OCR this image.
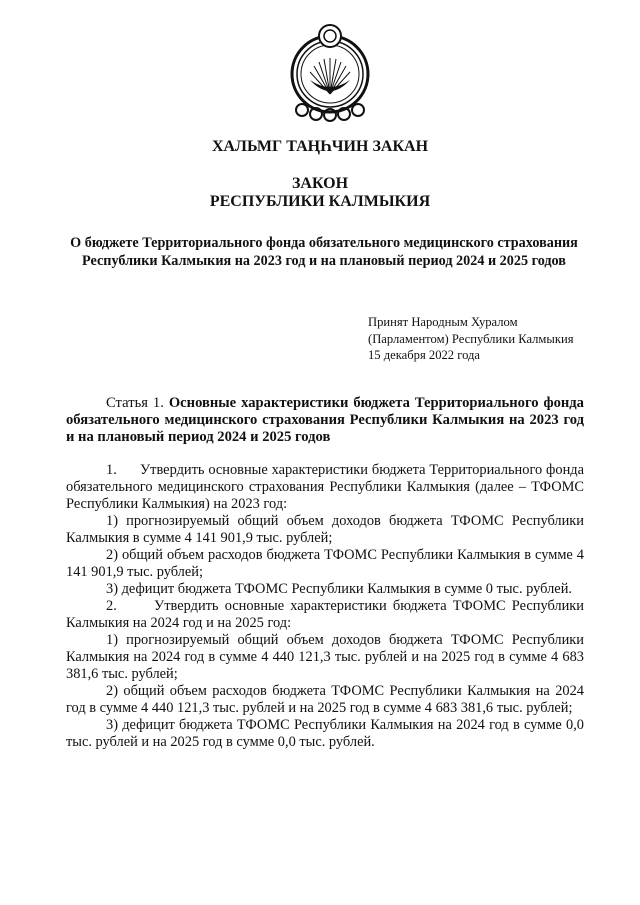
ХАЛЬМГ ТАҢҺЧИН ЗАКАН
ЗАКОН
РЕСПУБЛИКИ КАЛМЫКИЯ
О бюджете Территориального фонда обязательного медицинского страхования Республики Калмыкия на 2023 год и на плановый период 2024 и 2025 годов
Принят Народным Хуралом
(Парламентом) Республики Калмыкия
15 декабря 2022 года
Статья 1. Основные характеристики бюджета Территориального фонда обязательного медицинского страхования Республики Калмыкия на 2023 год и на плановый период 2024 и 2025 годов

1.      Утвердить основные характеристики бюджета Территориального фонда обязательного медицинского страхования Республики Калмыкия (далее – ТФОМС Республики Калмыкия) на 2023 год:

1) прогнозируемый общий объем доходов бюджета ТФОМС Республики Калмыкия в сумме 4 141 901,9 тыс. рублей;

2) общий объем расходов бюджета ТФОМС Республики Калмыкия в сумме 4 141 901,9 тыс. рублей;

3) дефицит бюджета ТФОМС Республики Калмыкия в сумме 0 тыс. рублей.

2.      Утвердить основные характеристики бюджета ТФОМС Республики Калмыкия на 2024 год и на 2025 год:

1) прогнозируемый общий объем доходов бюджета ТФОМС Республики Калмыкия на 2024 год в сумме 4 440 121,3 тыс. рублей и на 2025 год в сумме 4 683 381,6 тыс. рублей;

2) общий объем расходов бюджета ТФОМС Республики Калмыкия на 2024 год в сумме 4 440 121,3 тыс. рублей и на 2025 год в сумме 4 683 381,6 тыс. рублей;

3) дефицит бюджета ТФОМС Республики Калмыкия на 2024 год в сумме 0,0 тыс. рублей и на 2025 год в сумме 0,0 тыс. рублей.
